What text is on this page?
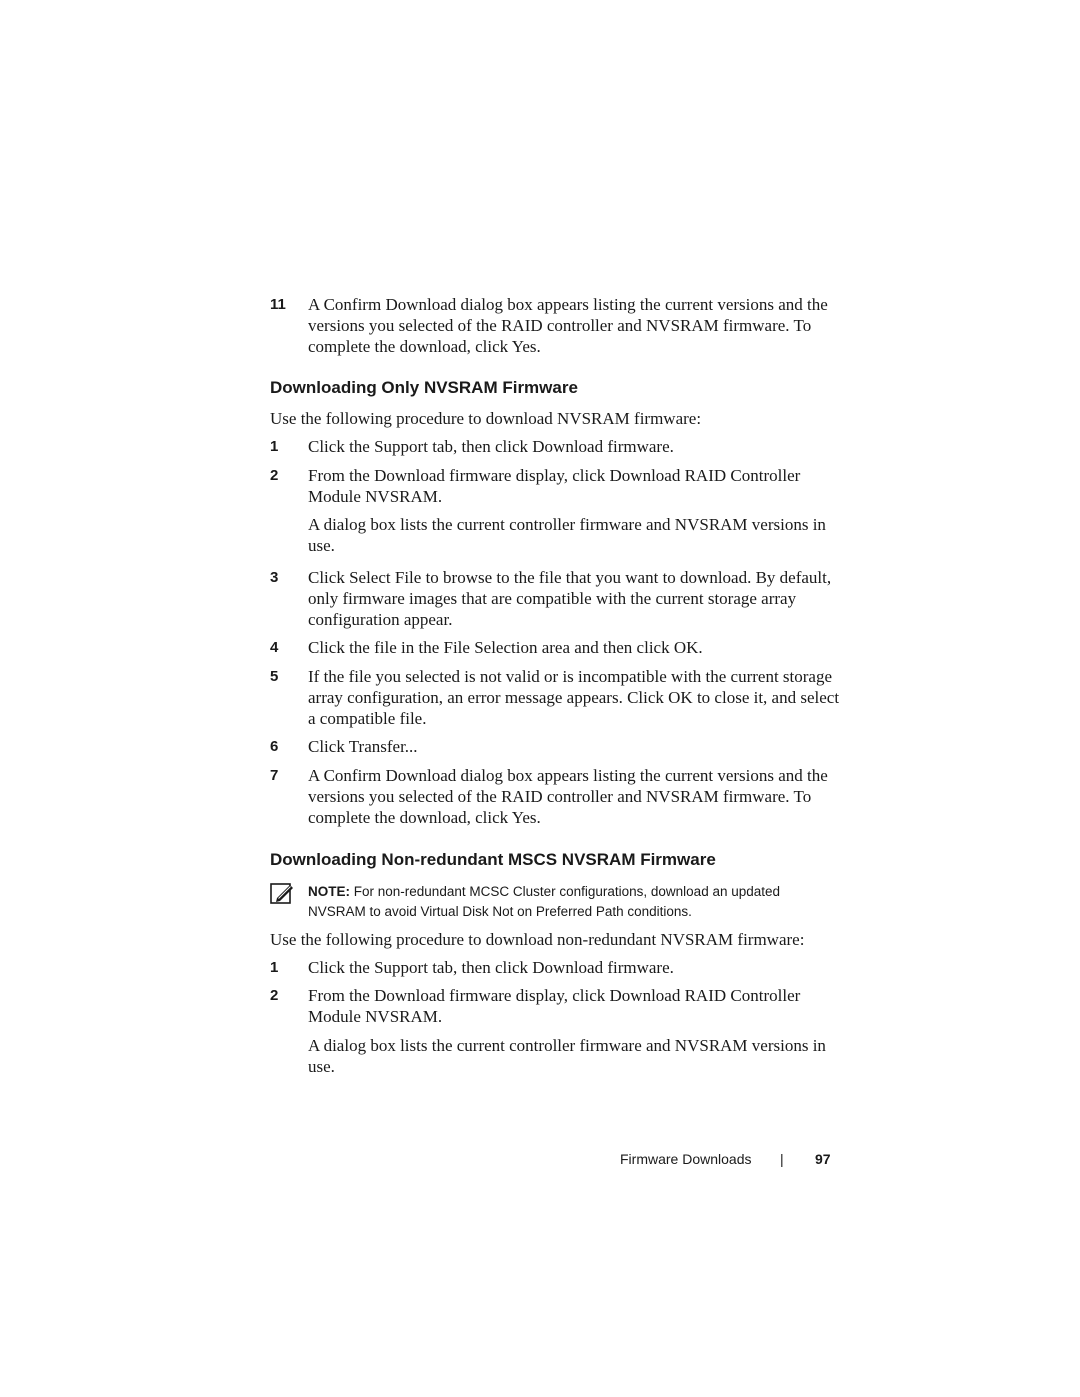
11	A Confirm Download dialog box appears listing the current versions and the versions you selected of the RAID controller and NVSRAM firmware. To complete the download, click Yes.
Downloading Only NVSRAM Firmware
Use the following procedure to download NVSRAM firmware:
1	Click the Support tab, then click Download firmware.
2	From the Download firmware display, click Download RAID Controller Module NVSRAM.
A dialog box lists the current controller firmware and NVSRAM versions in use.
3	Click Select File to browse to the file that you want to download. By default, only firmware images that are compatible with the current storage array configuration appear.
4	Click the file in the File Selection area and then click OK.
5	If the file you selected is not valid or is incompatible with the current storage array configuration, an error message appears. Click OK to close it, and select a compatible file.
6	Click Transfer...
7	A Confirm Download dialog box appears listing the current versions and the versions you selected of the RAID controller and NVSRAM firmware. To complete the download, click Yes.
Downloading Non-redundant MSCS NVSRAM Firmware
NOTE: For non-redundant MCSC Cluster configurations, download an updated NVSRAM to avoid Virtual Disk Not on Preferred Path conditions.
Use the following procedure to download non-redundant NVSRAM firmware:
1	Click the Support tab, then click Download firmware.
2	From the Download firmware display, click Download RAID Controller Module NVSRAM.
A dialog box lists the current controller firmware and NVSRAM versions in use.
Firmware Downloads | 97
